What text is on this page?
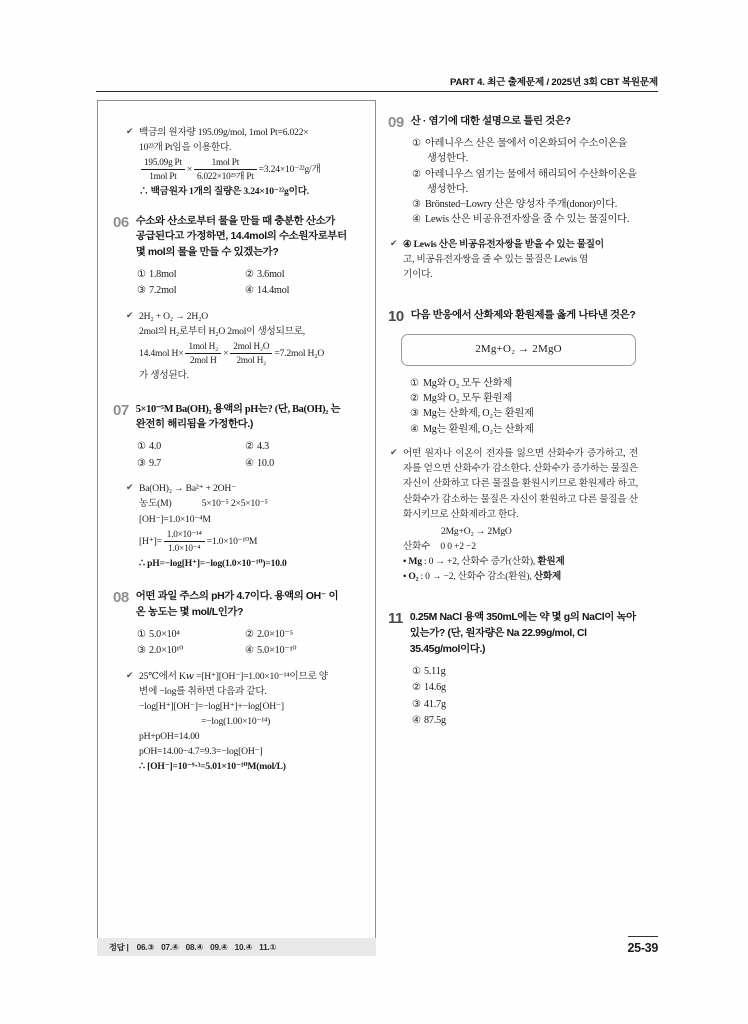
PART 4. 최근 출제문제 / 2025년 3회 CBT 복원문제
✔ 백금의 원자량 195.09g/mol, 1mol Pt=6.022×

10²³개 Pt임을 이용한다.

$\frac{\text{195.09g Pt}}{\text{1mol Pt}} \times \frac{\text{1mol Pt}}{\text{6.022×10²³개 Pt}} =3.24\times 10^{-22}g/$개

∴ 백금원자 1개의 질량은 3.24×10⁻²²g이다.

06 수소와 산소로부터 물을 만들 때 충분한 산소가 공급된다고 가정하면, 14.4mol의 수소원자로부터 몇 mol의 물을 만들 수 있겠는가?
① 1.8mol	② 3.6mol
③ 7.2mol	④ 14.4mol
✔ 2H₂ + O₂ → 2H₂O

2mol의 H₂로부터 H₂O 2mol이 생성되므로,

14.4mol $H\times \frac{\text{1mol H₂}}{\text{2mol H}} \times \frac{\text{2mol H₂O}}{\text{2mol H₂}} =7.2mol$ H₂O

가 생성된다.

07 5×10⁻⁵M Ba(OH)₂ 용액의 pH는? (단, Ba(OH)₂ 는 완전히 해리됨을 가정한다.)
① 4.0	② 4.3
③ 9.7	④ 10.0
✔ Ba(OH)₂ → Ba²⁺ + 2OH⁻

농도(M)	5×10⁻⁵ 2×5×10⁻⁵

[OH⁻]=1.0×10⁻⁴M

$[H^+]= \frac{\text{1.0×10⁻¹⁴}}{\text{1.0×10⁻⁴}} =1.0\times 10^{-10}M$

∴ pH=−log[H⁺]=−log(1.0×10⁻¹⁰)=10.0

08 어떤 과일 주스의 pH가 4.7이다. 용액의 OH⁻ 이온 농도는 몇 mol/L인가?
① 5.0×10⁴	② 2.0×10⁻⁵
③ 2.0×10¹⁰	④ 5.0×10⁻¹⁰
✔ 25℃에서 K𝑤 =[H⁺][OH⁻]=1.00×10⁻¹⁴이므로 양

변에 −log를 취하면 다음과 같다.

−log[H⁺][OH⁻]=−log[H⁺]+−log[OH⁻]

=−log(1.00×10⁻¹⁴)

pH+pOH=14.00

pOH=14.00−4.7=9.3=−log[OH⁻]

∴ [OH⁻]=10⁻⁹·³=5.01×10⁻¹⁰M(mol/L)

09 산 · 염기에 대한 설명으로 틀린 것은?
① 아레니우스 산은 물에서 이온화되어 수소이온을 생성한다.
② 아레니우스 염기는 물에서 해리되어 수산화이온을 생성한다.
③ Brönsted−Lowry 산은 양성자 주개(donor)이다.
④ Lewis 산은 비공유전자쌍을 줄 수 있는 물질이다.
✔ ④ Lewis 산은 비공유전자쌍을 받을 수 있는 물질이

고, 비공유전자쌍을 줄 수 있는 물질은 Lewis 염

기이다.

10 다음 반응에서 산화제와 환원제를 옳게 나타낸 것은?
2Mg+O₂ → 2MgO
① Mg와 O₂ 모두 산화제
② Mg와 O₂ 모두 환원제
③ Mg는 산화제, O₂는 환원제
④ Mg는 환원제, O₂는 산화제
✔ 어떤 원자나 이온이 전자를 잃으면 산화수가 증가하고, 전자를 얻으면 산화수가 감소한다. 산화수가 증가하는 물질은 자신이 산화하고 다른 물질을 환원시키므로 환원제라 하고, 산화수가 감소하는 물질은 자신이 환원하고 다른 물질을 산화시키므로 산화제라고 한다.

2Mg+O₂ → 2MgO

산화수 0 0 +2 −2

• Mg : 0 → +2, 산화수 증가(산화), 환원제

• O₂ : 0 → −2, 산화수 감소(환원), 산화제

11 0.25M NaCl 용액 350mL에는 약 몇 g의 NaCl이 녹아 있는가? (단, 원자량은 Na 22.99g/mol, Cl 35.45g/mol이다.)
① 5.11g
② 14.6g
③ 41.7g
④ 87.5g
정답 | 06.③ 07.④ 08.④ 09.④ 10.④ 11.①	25-39
